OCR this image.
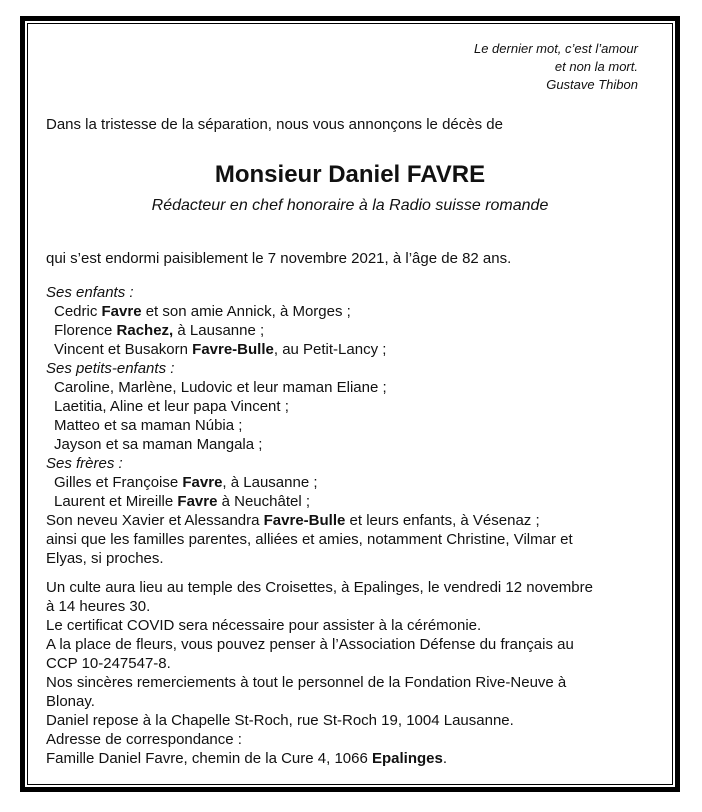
Le dernier mot, c’est l’amour
et non la mort.
Gustave Thibon
Dans la tristesse de la séparation, nous vous annonçons le décès de
Monsieur Daniel FAVRE
Rédacteur en chef honoraire à la Radio suisse romande
qui s’est endormi paisiblement le 7 novembre 2021, à l’âge de 82 ans.
Ses enfants :
Cedric Favre et son amie Annick, à Morges ;
Florence Rachez, à Lausanne ;
Vincent et Busakorn Favre-Bulle, au Petit-Lancy ;
Ses petits-enfants :
Caroline, Marlène, Ludovic et leur maman Eliane ;
Laetitia, Aline et leur papa Vincent ;
Matteo et sa maman Núbia ;
Jayson et sa maman Mangala ;
Ses frères :
Gilles et Françoise Favre, à Lausanne ;
Laurent et Mireille Favre à Neuchâtel ;
Son neveu Xavier et Alessandra Favre-Bulle et leurs enfants, à Vésenaz ;
ainsi que les familles parentes, alliées et amies, notamment Christine, Vilmar et
Elyas, si proches.
Un culte aura lieu au temple des Croisettes, à Epalinges, le vendredi 12 novembre
à 14 heures 30.
Le certificat COVID sera nécessaire pour assister à la cérémonie.
A la place de fleurs, vous pouvez penser à l’Association Défense du français au
CCP 10-247547-8.
Nos sincères remerciements à tout le personnel de la Fondation Rive-Neuve à
Blonay.
Daniel repose à la Chapelle St-Roch, rue St-Roch 19, 1004 Lausanne.
Adresse de correspondance :
Famille Daniel Favre, chemin de la Cure 4, 1066 Epalinges.
